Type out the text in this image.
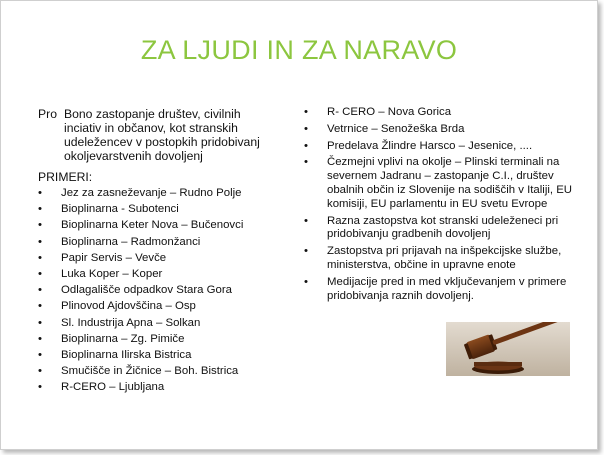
ZA LJUDI IN ZA NARAVO
Pro Bono zastopanje društev, civilnih inciativ in občanov, kot stranskih udeležencev v postopkih pridobivanj okoljevarstvenih dovoljenj
PRIMERI:
• Jez za zasneževanje – Rudno Polje
• Bioplinarna - Subotenci
• Bioplinarna Keter Nova – Bučenovci
• Bioplinarna – Radmonžanci
• Papir Servis – Vevče
• Luka Koper – Koper
• Odlagališče odpadkov Stara Gora
• Plinovod Ajdovščina – Osp
• Sl. Industrija Apna – Solkan
• Bioplinarna – Zg. Pimiče
• Bioplinarna Ilirska Bistrica
• Smučišče in Žičnice – Boh. Bistrica
• R-CERO – Ljubljana
• R- CERO – Nova Gorica
• Vetrnice – Senožeška Brda
• Predelava Žlindre Harsco – Jesenice, ....
• Čezmejni vplivi na okolje – Plinski terminali na severnem Jadranu – zastopanje C.I., društev obalnih občin iz Slovenije na sodiščih v Italiji, EU komisiji, EU parlamentu in EU svetu Evrope
• Razna zastopstva kot stranski udeleženeci pri pridobivanju gradbenih dovoljenj
• Zastopstva pri prijavah na inšpekcijske službe, ministerstva, občine in upravne enote
• Medijacije pred in med vključevanjem v primere pridobivanja raznih dovoljenj.
